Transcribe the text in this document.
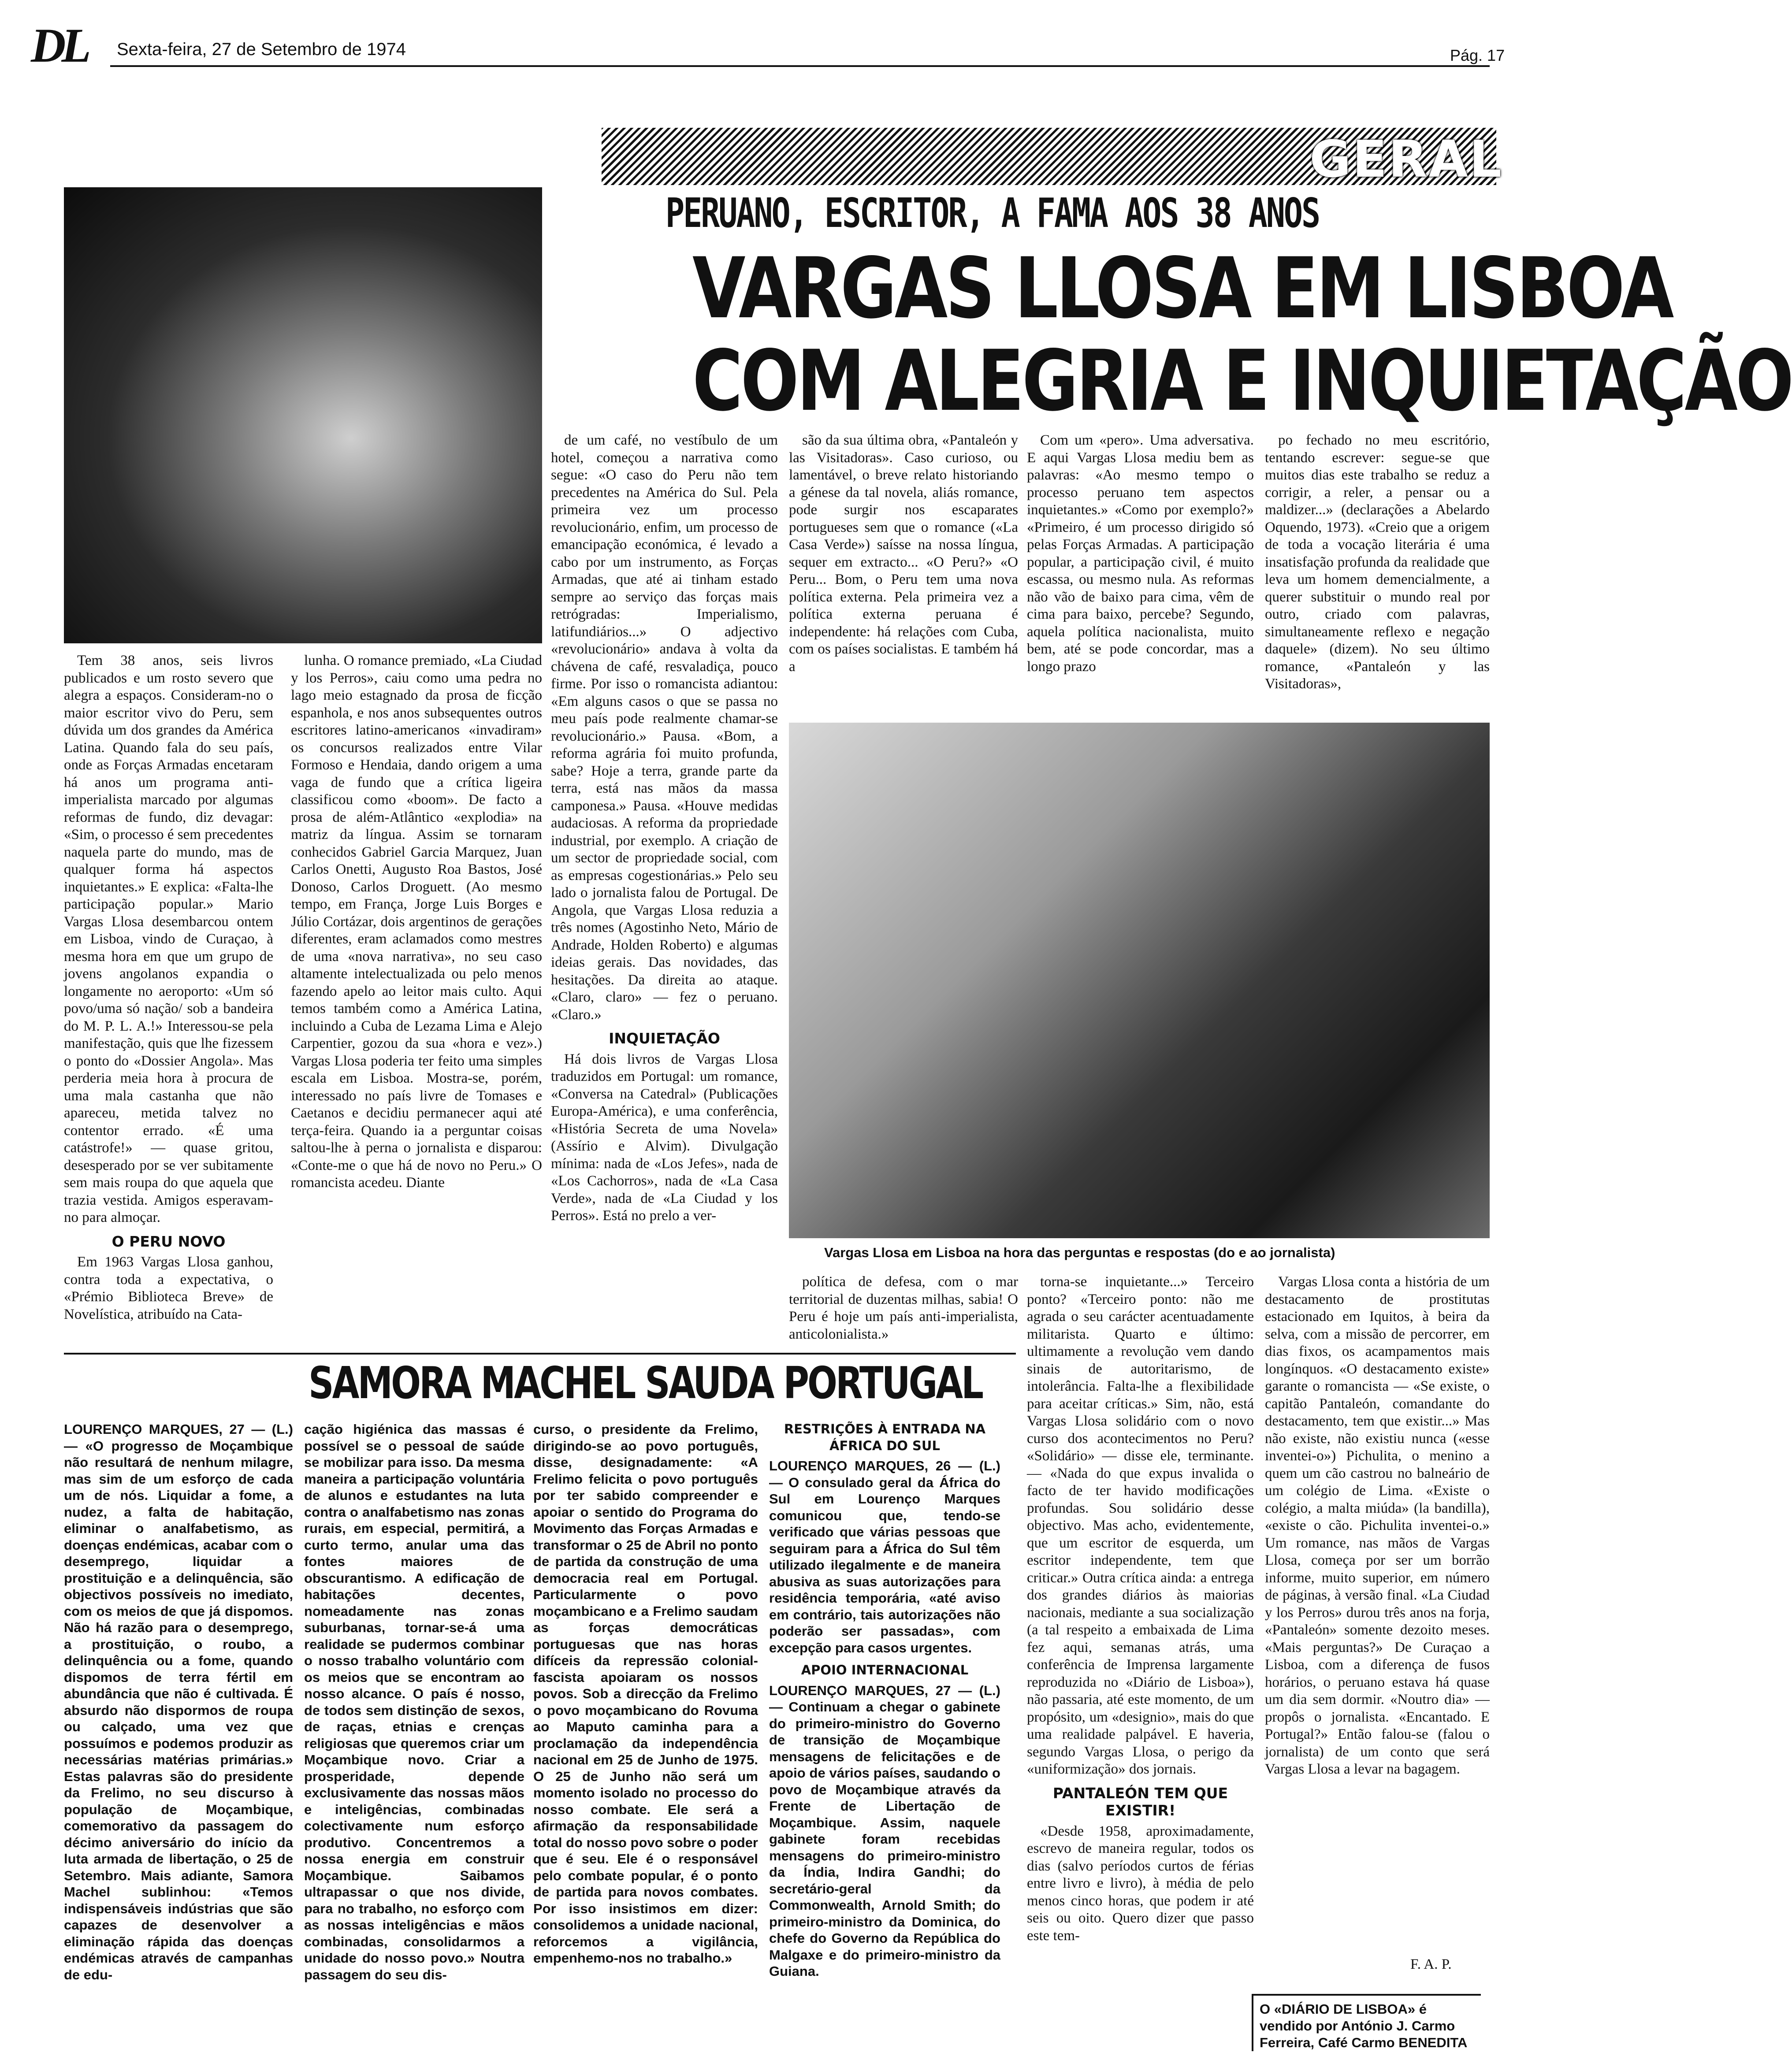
DL Sexta-feira, 27 de Setembro de 1974	Pág. 17
GERAL
PERUANO, ESCRITOR, A FAMA AOS 38 ANOS
VARGAS LLOSA EM LISBOA
COM ALEGRIA E INQUIETAÇÃO

Tem 38 anos, seis livros publicados e um rosto severo que alegra a espaços. Consideram-no o maior escritor vivo do Peru, sem dúvida um dos grandes da América Latina. Quando fala do seu país, onde as Forças Armadas encetaram há anos um programa anti-imperialista marcado por algumas reformas de fundo, diz devagar: «Sim, o processo é sem precedentes naquela parte do mundo, mas de qualquer forma há aspectos inquietantes.» E explica: «Falta-lhe participação popular.» Mario Vargas Llosa desembarcou ontem em Lisboa, vindo de Curaçao, à mesma hora em que um grupo de jovens angolanos expandia o longamente no aeroporto: «Um só povo/uma só nação/ sob a bandeira do M. P. L. A.!» Interessou-se pela manifestação, quis que lhe fizessem o ponto do «Dossier Angola». Mas perderia meia hora à procura de uma mala castanha que não apareceu, metida talvez no contentor errado. «É uma catástrofe!» — quase gritou, desesperado por se ver subitamente sem mais roupa do que aquela que trazia vestida. Amigos esperavam-no para almoçar.

O PERU NOVO

Em 1963 Vargas Llosa ganhou, contra toda a expectativa, o «Prémio Biblioteca Breve» de Novelística, atribuído na Cata-

lunha. O romance premiado, «La Ciudad y los Perros», caiu como uma pedra no lago meio estagnado da prosa de ficção espanhola, e nos anos subsequentes outros escritores latino-americanos «invadiram» os concursos realizados entre Vilar Formoso e Hendaia, dando origem a uma vaga de fundo que a crítica ligeira classificou como «boom». De facto a prosa de além-Atlântico «explodia» na matriz da língua. Assim se tornaram conhecidos Gabriel Garcia Marquez, Juan Carlos Onetti, Augusto Roa Bastos, José Donoso, Carlos Droguett. (Ao mesmo tempo, em França, Jorge Luis Borges e Júlio Cortázar, dois argentinos de gerações diferentes, eram aclamados como mestres de uma «nova narrativa», no seu caso altamente intelectualizada ou pelo menos fazendo apelo ao leitor mais culto. Aqui temos também como a América Latina, incluindo a Cuba de Lezama Lima e Alejo Carpentier, gozou da sua «hora e vez».) Vargas Llosa poderia ter feito uma simples escala em Lisboa. Mostra-se, porém, interessado no país livre de Tomases e Caetanos e decidiu permanecer aqui até terça-feira. Quando ia a perguntar coisas saltou-lhe à perna o jornalista e disparou: «Conte-me o que há de novo no Peru.» O romancista acedeu. Diante

de um café, no vestíbulo de um hotel, começou a narrativa como segue: «O caso do Peru não tem precedentes na América do Sul. Pela primeira vez um processo revolucionário, enfim, um processo de emancipação económica, é levado a cabo por um instrumento, as Forças Armadas, que até ai tinham estado sempre ao serviço das forças mais retrógradas: Imperialismo, latifundiários...» O adjectivo «revolucionário» andava à volta da chávena de café, resvaladiça, pouco firme. Por isso o romancista adiantou: «Em alguns casos o que se passa no meu país pode realmente chamar-se revolucionário.» Pausa. «Bom, a reforma agrária foi muito profunda, sabe? Hoje a terra, grande parte da terra, está nas mãos da massa camponesa.» Pausa. «Houve medidas audaciosas. A reforma da propriedade industrial, por exemplo. A criação de um sector de propriedade social, com as empresas cogestionárias.» Pelo seu lado o jornalista falou de Portugal. De Angola, que Vargas Llosa reduzia a três nomes (Agostinho Neto, Mário de Andrade, Holden Roberto) e algumas ideias gerais. Das novidades, das hesitações. Da direita ao ataque. «Claro, claro» — fez o peruano. «Claro.»

INQUIETAÇÃO

Há dois livros de Vargas Llosa traduzidos em Portugal: um romance, «Conversa na Catedral» (Publicações Europa-América), e uma conferência, «História Secreta de uma Novela» (Assírio e Alvim). Divulgação mínima: nada de «Los Jefes», nada de «Los Cachorros», nada de «La Casa Verde», nada de «La Ciudad y los Perros». Está no prelo a ver-

são da sua última obra, «Pantaleón y las Visitadoras». Caso curioso, ou lamentável, o breve relato historiando a génese da tal novela, aliás romance, pode surgir nos escaparates portugueses sem que o romance («La Casa Verde») saísse na nossa língua, sequer em extracto... «O Peru?» «O Peru... Bom, o Peru tem uma nova política externa. Pela primeira vez a política externa peruana é independente: há relações com Cuba, com os países socialistas. E também há a

Com um «pero». Uma adversativa. E aqui Vargas Llosa mediu bem as palavras: «Ao mesmo tempo o processo peruano tem aspectos inquietantes.» «Como por exemplo?» «Primeiro, é um processo dirigido só pelas Forças Armadas. A participação popular, a participação civil, é muito escassa, ou mesmo nula. As reformas não vão de baixo para cima, vêm de cima para baixo, percebe? Segundo, aquela política nacionalista, muito bem, até se pode concordar, mas a longo prazo

po fechado no meu escritório, tentando escrever: segue-se que muitos dias este trabalho se reduz a corrigir, a reler, a pensar ou a maldizer...» (declarações a Abelardo Oquendo, 1973). «Creio que a origem de toda a vocação literária é uma insatisfação profunda da realidade que leva um homem demencialmente, a querer substituir o mundo real por outro, criado com palavras, simultaneamente reflexo e negação daquele» (dizem). No seu último romance, «Pantaleón y las Visitadoras»,

Vargas Llosa em Lisboa na hora das perguntas e respostas (do e ao jornalista)

política de defesa, com o mar territorial de duzentas milhas, sabia! O Peru é hoje um país anti-imperialista, anticolonialista.»

torna-se inquietante...» Terceiro ponto? «Terceiro ponto: não me agrada o seu carácter acentuadamente militarista. Quarto e último: ultimamente a revolução vem dando sinais de autoritarismo, de intolerância. Falta-lhe a flexibilidade para aceitar críticas.» Sim, não, está Vargas Llosa solidário com o novo curso dos acontecimentos no Peru? «Solidário» — disse ele, terminante. — «Nada do que expus invalida o facto de ter havido modificações profundas. Sou solidário desse objectivo. Mas acho, evidentemente, que um escritor de esquerda, um escritor independente, tem que criticar.» Outra crítica ainda: a entrega dos grandes diários às maiorias nacionais, mediante a sua socialização (a tal respeito a embaixada de Lima fez aqui, semanas atrás, uma conferência de Imprensa largamente reproduzida no «Diário de Lisboa»), não passaria, até este momento, de um propósito, um «designio», mais do que uma realidade palpável. E haveria, segundo Vargas Llosa, o perigo da «uniformização» dos jornais.

PANTALEÓN TEM QUE EXISTIR!

«Desde 1958, aproximadamente, escrevo de maneira regular, todos os dias (salvo períodos curtos de férias entre livro e livro), à média de pelo menos cinco horas, que podem ir até seis ou oito. Quero dizer que passo este tem-

Vargas Llosa conta a história de um destacamento de prostitutas estacionado em Iquitos, à beira da selva, com a missão de percorrer, em dias fixos, os acampamentos mais longínquos. «O destacamento existe» garante o romancista — «Se existe, o capitão Pantaleón, comandante do destacamento, tem que existir...» Mas não existe, não existiu nunca («esse inventei-o») Pichulita, o menino a quem um cão castrou no balneário de um colégio de Lima. «Existe o colégio, a malta miúda» (la bandilla), «existe o cão. Pichulita inventei-o.» Um romance, nas mãos de Vargas Llosa, começa por ser um borrão informe, muito superior, em número de páginas, à versão final. «La Ciudad y los Perros» durou três anos na forja, «Pantaleón» somente dezoito meses. «Mais perguntas?» De Curaçao a Lisboa, com a diferença de fusos horários, o peruano estava há quase um dia sem dormir. «Noutro dia» — propôs o jornalista. «Encantado. E Portugal?» Então falou-se (falou o jornalista) de um conto que será Vargas Llosa a levar na bagagem.

F. A. P.
SAMORA MACHEL SAUDA PORTUGAL

LOURENÇO MARQUES, 27 — (L.) — «O progresso de Moçambique não resultará de nenhum milagre, mas sim de um esforço de cada um de nós. Liquidar a fome, a nudez, a falta de habitação, eliminar o analfabetismo, as doenças endémicas, acabar com o desemprego, liquidar a prostituição e a delinquência, são objectivos possíveis no imediato, com os meios de que já dispomos. Não há razão para o desemprego, a prostituição, o roubo, a delinquência ou a fome, quando dispomos de terra fértil em abundância que não é cultivada. É absurdo não dispormos de roupa ou calçado, uma vez que possuímos e podemos produzir as necessárias matérias primárias.» Estas palavras são do presidente da Frelimo, no seu discurso à população de Moçambique, comemorativo da passagem do décimo aniversário do início da luta armada de libertação, o 25 de Setembro. Mais adiante, Samora Machel sublinhou: «Temos indispensáveis indústrias que são capazes de desenvolver a eliminação rápida das doenças endémicas através de campanhas de edu-

cação higiénica das massas é possível se o pessoal de saúde se mobilizar para isso. Da mesma maneira a participação voluntária de alunos e estudantes na luta contra o analfabetismo nas zonas rurais, em especial, permitirá, a curto termo, anular uma das fontes maiores de obscurantismo. A edificação de habitações decentes, nomeadamente nas zonas suburbanas, tornar-se-á uma realidade se pudermos combinar o nosso trabalho voluntário com os meios que se encontram ao nosso alcance. O país é nosso, de todos sem distinção de sexos, de raças, etnias e crenças religiosas que queremos criar um Moçambique novo. Criar a prosperidade, depende exclusivamente das nossas mãos e inteligências, combinadas colectivamente num esforço produtivo. Concentremos a nossa energia em construir Moçambique. Saibamos ultrapassar o que nos divide, para no trabalho, no esforço com as nossas inteligências e mãos combinadas, consolidarmos a unidade do nosso povo.» Noutra passagem do seu dis-

curso, o presidente da Frelimo, dirigindo-se ao povo português, disse, designadamente: «A Frelimo felicita o povo português por ter sabido compreender e apoiar o sentido do Programa do Movimento das Forças Armadas e transformar o 25 de Abril no ponto de partida da construção de uma democracia real em Portugal. Particularmente o povo moçambicano e a Frelimo saudam as forças democráticas portuguesas que nas horas difíceis da repressão colonial-fascista apoiaram os nossos povos. Sob a direcção da Frelimo o povo moçambicano do Rovuma ao Maputo caminha para a proclamação da independência nacional em 25 de Junho de 1975. O 25 de Junho não será um momento isolado no processo do nosso combate. Ele será a afirmação da responsabilidade total do nosso povo sobre o poder que é seu. Ele é o responsável pelo combate popular, é o ponto de partida para novos combates. Por isso insistimos em dizer: consolidemos a unidade nacional, reforcemos a vigilância, empenhemo-nos no trabalho.»

RESTRIÇÕES À ENTRADA NA ÁFRICA DO SUL

LOURENÇO MARQUES, 26 — (L.) — O consulado geral da África do Sul em Lourenço Marques comunicou que, tendo-se verificado que várias pessoas que seguiram para a África do Sul têm utilizado ilegalmente e de maneira abusiva as suas autorizações para residência temporária, «até aviso em contrário, tais autorizações não poderão ser passadas», com excepção para casos urgentes.

APOIO INTERNACIONAL

LOURENÇO MARQUES, 27 — (L.) — Continuam a chegar o gabinete do primeiro-ministro do Governo de transição de Moçambique mensagens de felicitações e de apoio de vários países, saudando o povo de Moçambique através da Frente de Libertação de Moçambique. Assim, naquele gabinete foram recebidas mensagens do primeiro-ministro da Índia, Indira Gandhi; do secretário-geral da Commonwealth, Arnold Smith; do primeiro-ministro da Dominica, do chefe do Governo da República do Malgaxe e do primeiro-ministro da Guiana.

O «DIÁRIO DE LISBOA» é vendido por António J. Carmo Ferreira, Café Carmo BENEDITA
